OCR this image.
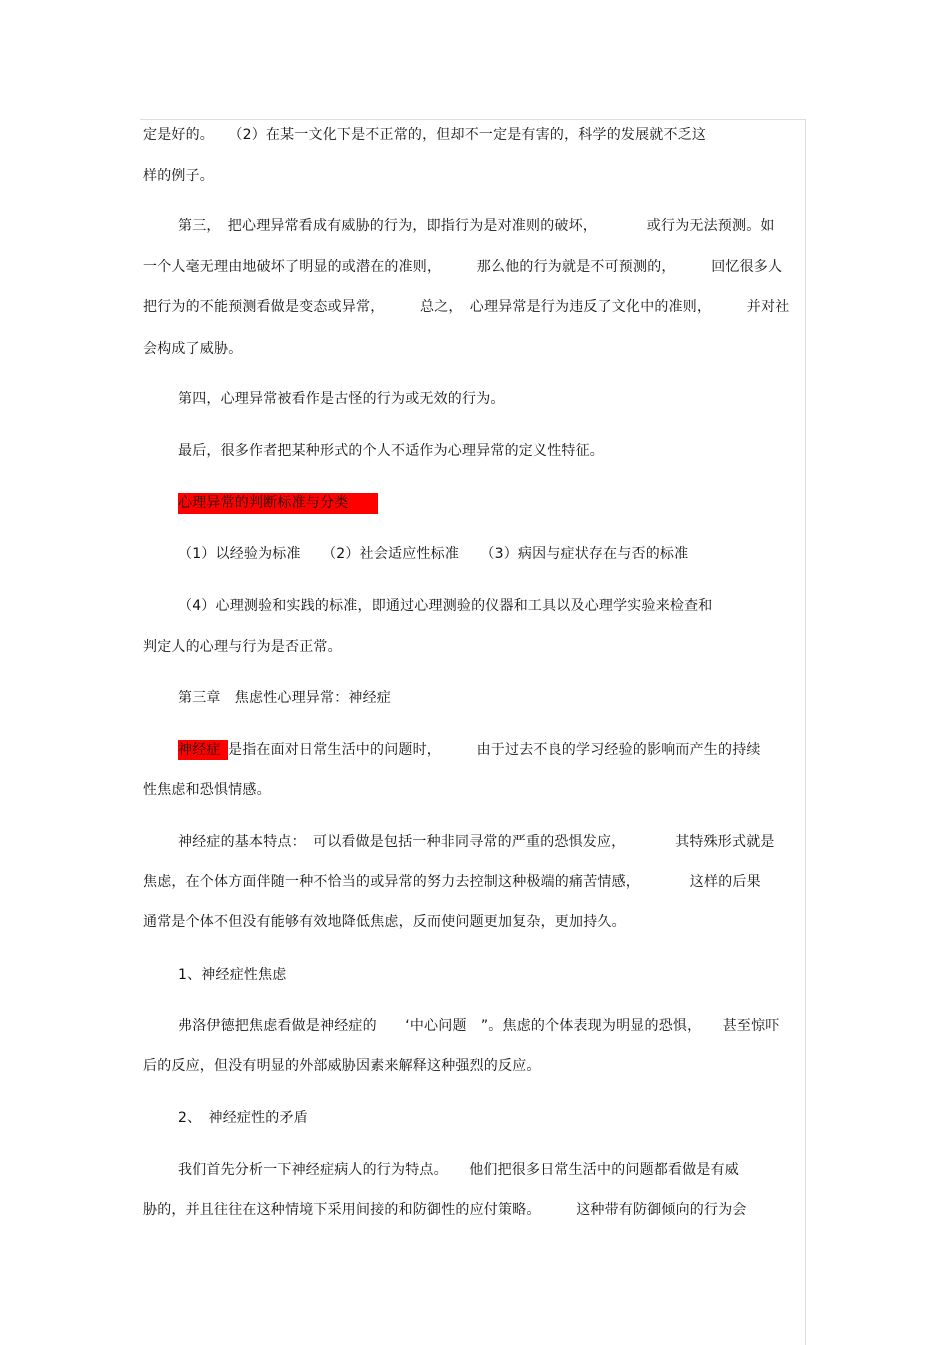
定是好的。　　（2）在某一文化下是不正常的，但却不一定是有害的，科学的发展就不乏这
样的例子。
第三，　把心理异常看成有威胁的行为，即指行为是对准则的破坏，　　　　或行为无法预测。如
一个人毫无理由地破坏了明显的或潜在的准则，　　　那么他的行为就是不可预测的，　　　回忆很多人
把行为的不能预测看做是变态或异常，　　　总之，　心理异常是行为违反了文化中的准则，　　　并对社
会构成了威胁。
第四，心理异常被看作是古怪的行为或无效的行为。
最后，很多作者把某种形式的个人不适作为心理异常的定义性特征。
心理异常的判断标准与分类
（1）以经验为标准　　（2）社会适应性标准　　（3）病因与症状存在与否的标准
（4）心理测验和实践的标准，即通过心理测验的仪器和工具以及心理学实验来检查和
判定人的心理与行为是否正常。
第三章　焦虑性心理异常：神经症
神经症 是指在面对日常生活中的问题时，　　　由于过去不良的学习经验的影响而产生的持续
性焦虑和恐惧情感。
神经症的基本特点：　可以看做是包括一种非同寻常的严重的恐惧发应，　　　　其特殊形式就是
焦虑，在个体方面伴随一种不恰当的或异常的努力去控制这种极端的痛苦情感，　　　　这样的后果
通常是个体不但没有能够有效地降低焦虑，反而使问题更加复杂，更加持久。
1、神经症性焦虑
弗洛伊德把焦虑看做是神经症的　　‘中心问题　”。焦虑的个体表现为明显的恐惧，　　甚至惊吓
后的反应，但没有明显的外部威胁因素来解释这种强烈的反应。
2、　神经症性的矛盾
我们首先分析一下神经症病人的行为特点。　　他们把很多日常生活中的问题都看做是有威
胁的，并且往往在这种情境下采用间接的和防御性的应付策略。　　　这种带有防御倾向的行为会
